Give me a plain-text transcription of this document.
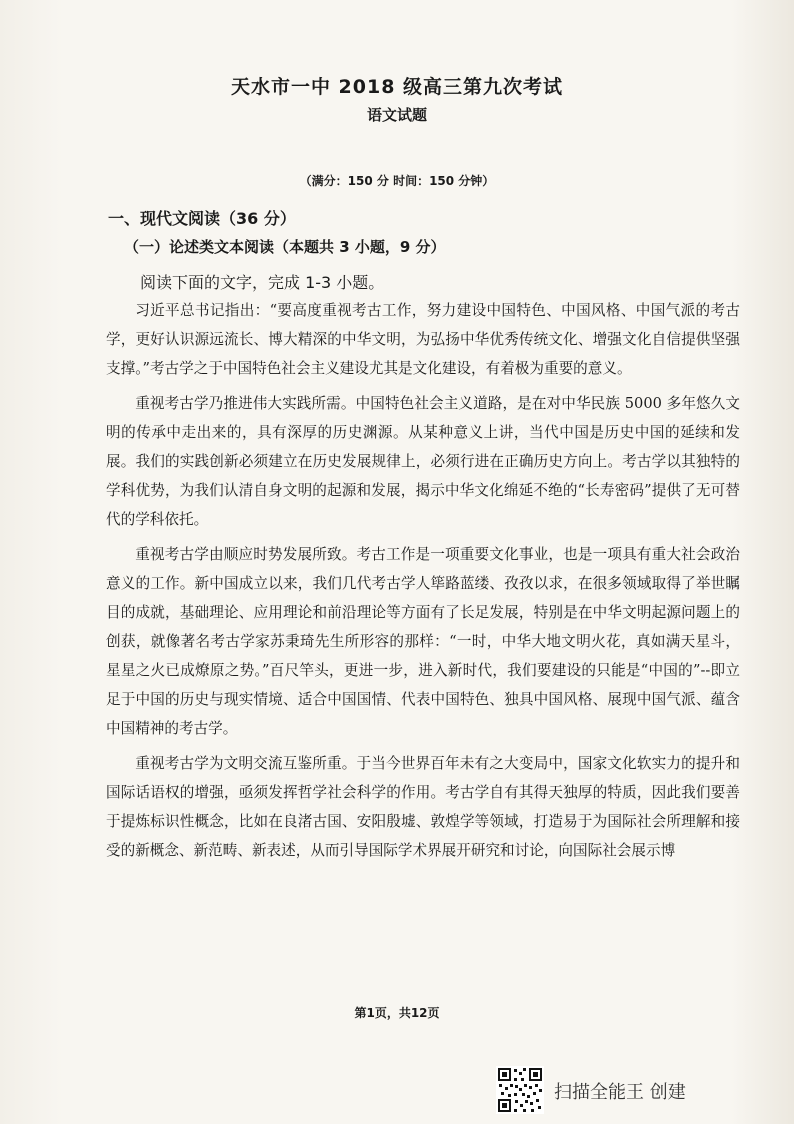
天水市一中 2018 级高三第九次考试
语文试题
（满分：150 分 时间：150 分钟）
一、现代文阅读（36 分）
（一）论述类文本阅读（本题共 3 小题，9 分）
阅读下面的文字，完成 1-3 小题。

习近平总书记指出：“要高度重视考古工作，努力建设中国特色、中国风格、中国气派的考古学，更好认识源远流长、博大精深的中华文明，为弘扬中华优秀传统文化、增强文化自信提供坚强支撑。”考古学之于中国特色社会主义建设尤其是文化建设，有着极为重要的意义。

重视考古学乃推进伟大实践所需。中国特色社会主义道路，是在对中华民族 5000 多年悠久文明的传承中走出来的，具有深厚的历史渊源。从某种意义上讲，当代中国是历史中国的延续和发展。我们的实践创新必须建立在历史发展规律上，必须行进在正确历史方向上。考古学以其独特的学科优势，为我们认清自身文明的起源和发展，揭示中华文化绵延不绝的“长寿密码”提供了无可替代的学科依托。

重视考古学由顺应时势发展所致。考古工作是一项重要文化事业，也是一项具有重大社会政治意义的工作。新中国成立以来，我们几代考古学人筚路蓝缕、孜孜以求，在很多领域取得了举世瞩目的成就，基础理论、应用理论和前沿理论等方面有了长足发展，特别是在中华文明起源问题上的创获，就像著名考古学家苏秉琦先生所形容的那样：“一时，中华大地文明火花，真如满天星斗，星星之火已成燎原之势。”百尺竿头，更进一步，进入新时代，我们要建设的只能是“中国的”--即立足于中国的历史与现实情境、适合中国国情、代表中国特色、独具中国风格、展现中国气派、蕴含中国精神的考古学。

重视考古学为文明交流互鉴所重。于当今世界百年未有之大变局中，国家文化软实力的提升和国际话语权的增强，亟须发挥哲学社会科学的作用。考古学自有其得天独厚的特质，因此我们要善于提炼标识性概念，比如在良渚古国、安阳殷墟、敦煌学等领域，打造易于为国际社会所理解和接受的新概念、新范畴、新表述，从而引导国际学术界展开研究和讨论，向国际社会展示博

第1页，共12页
扫描全能王 创建
